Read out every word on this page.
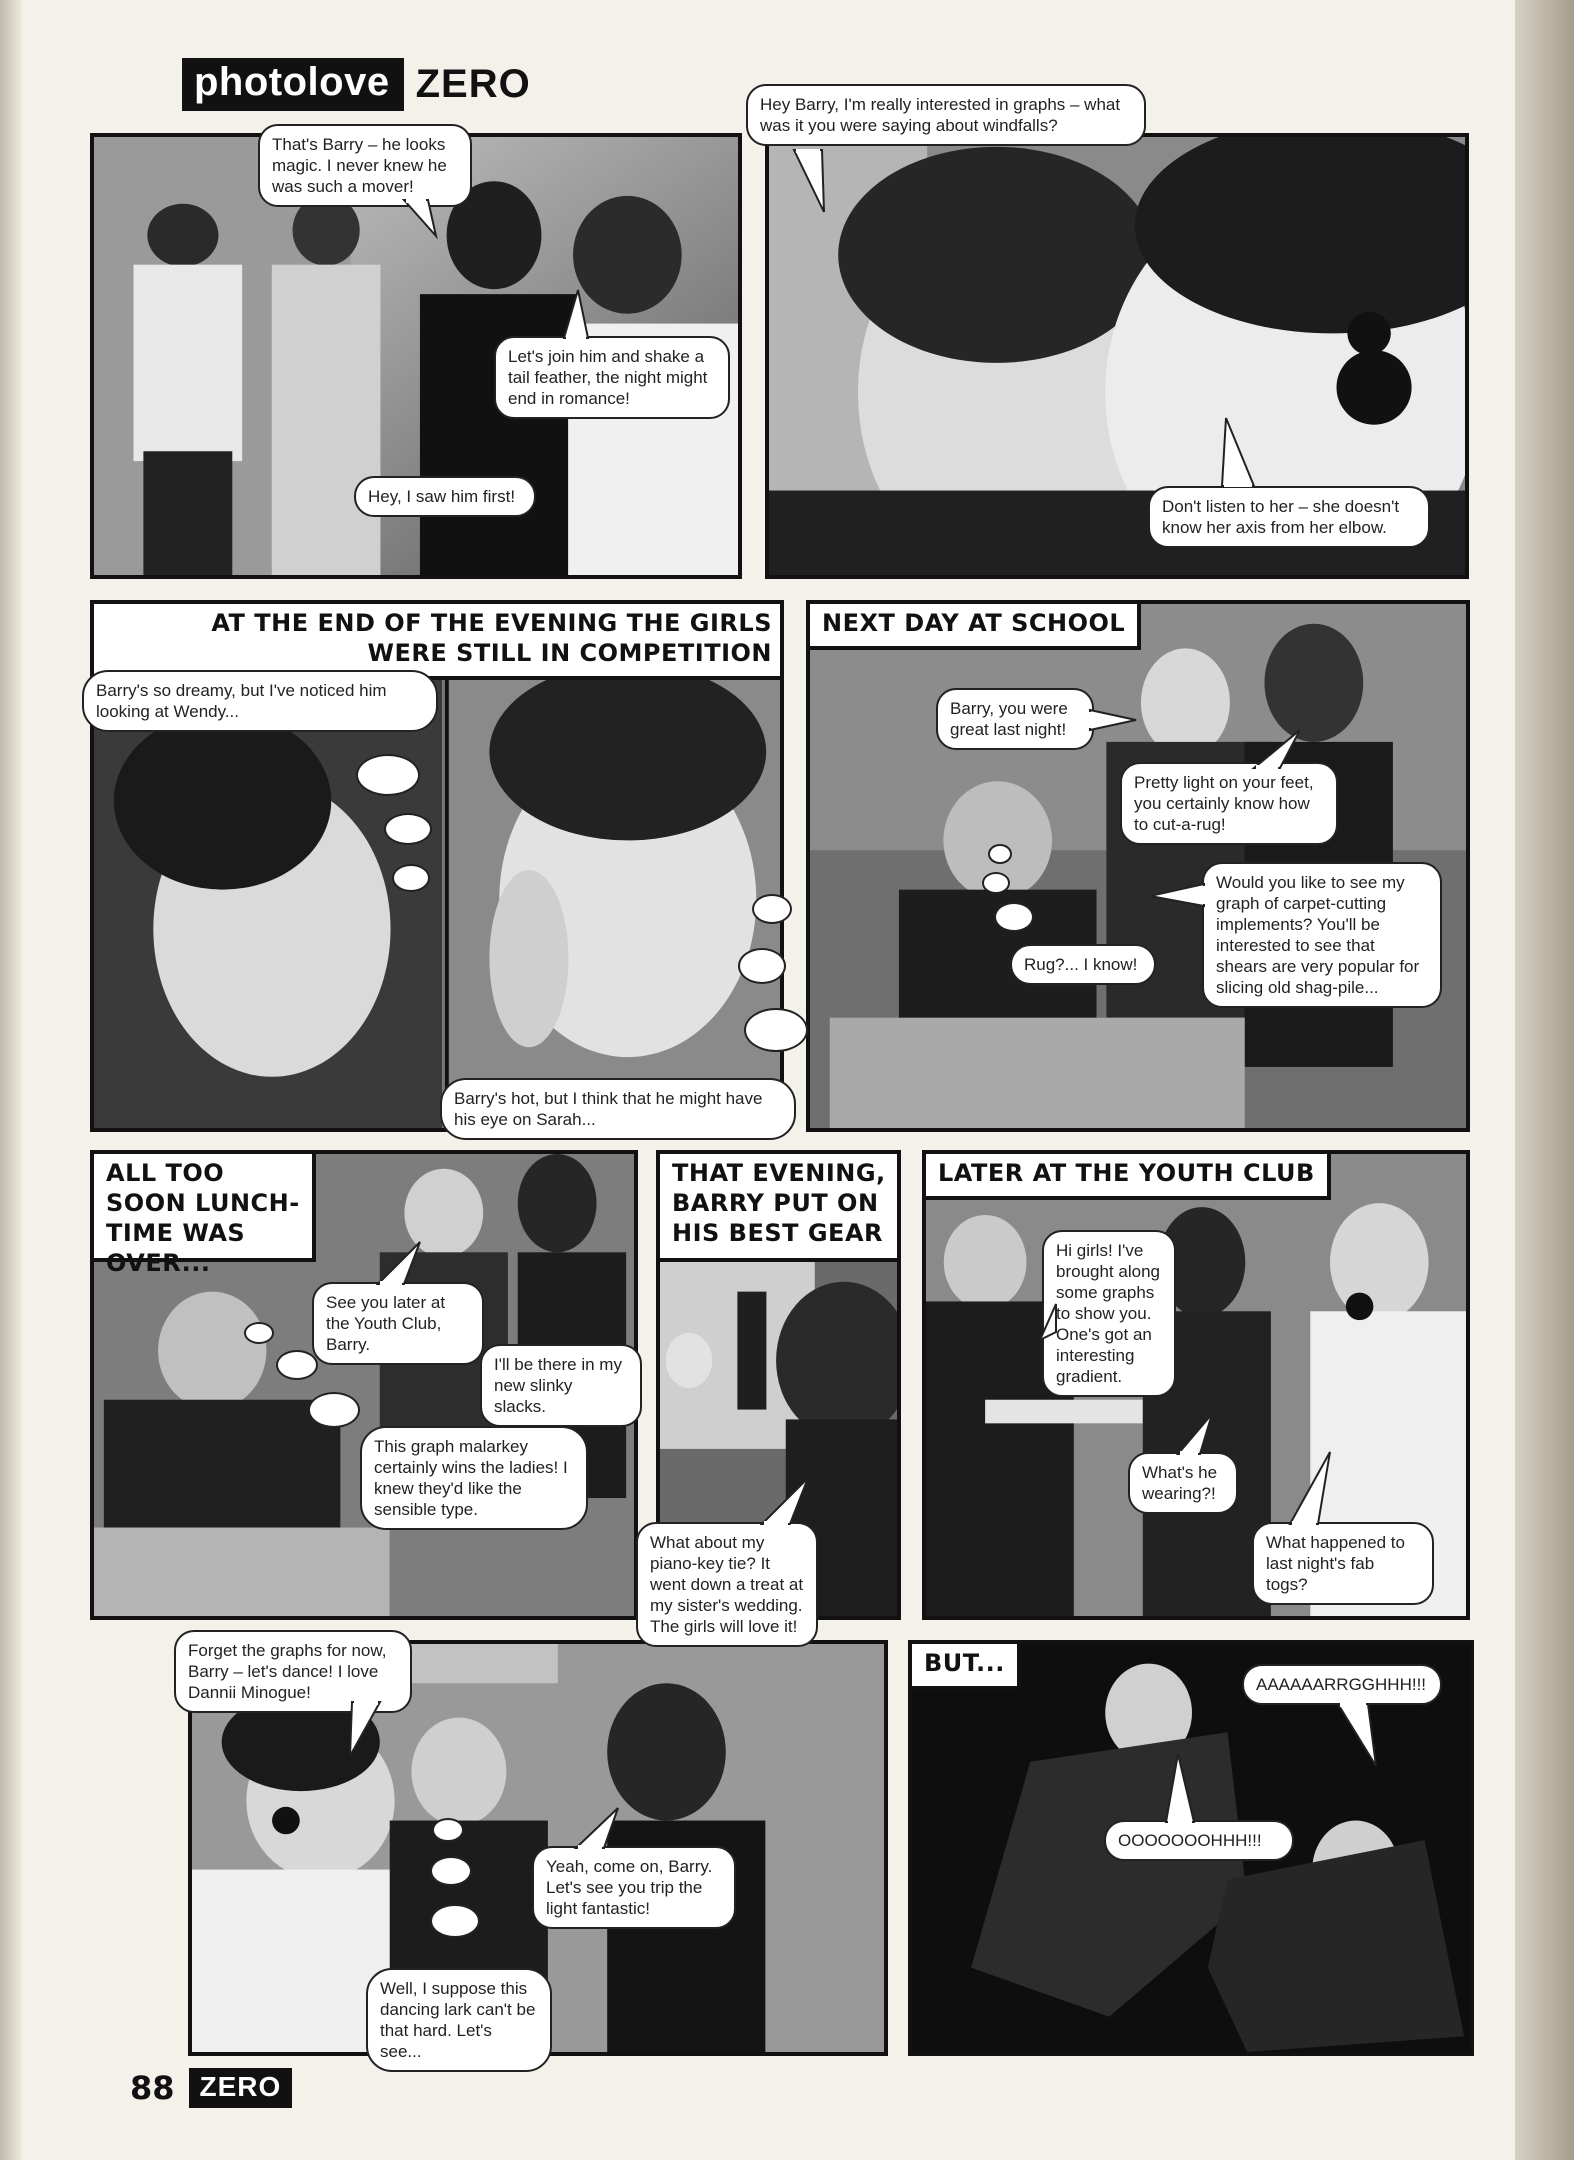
photolove ZERO
That's Barry – he looks magic. I never knew he was such a mover!
Let's join him and shake a tail feather, the night might end in romance!
Hey, I saw him first!
Hey Barry, I'm really interested in graphs – what was it you were saying about windfalls?
Don't listen to her – she doesn't know her axis from her elbow.
AT THE END OF THE EVENING THE GIRLS WERE STILL IN COMPETITION
Barry's so dreamy, but I've noticed him looking at Wendy...
Barry's hot, but I think that he might have his eye on Sarah...
NEXT DAY AT SCHOOL
Barry, you were great last night!
Pretty light on your feet, you certainly know how to cut-a-rug!
Would you like to see my graph of carpet-cutting implements? You'll be interested to see that shears are very popular for slicing old shag-pile...
Rug?... I know!
ALL TOO SOON LUNCH-TIME WAS OVER...
See you later at the Youth Club, Barry.
I'll be there in my new slinky slacks.
This graph malarkey certainly wins the ladies! I knew they'd like the sensible type.
THAT EVENING, BARRY PUT ON HIS BEST GEAR
What about my piano-key tie? It went down a treat at my sister's wedding. The girls will love it!
LATER AT THE YOUTH CLUB
Hi girls! I've brought along some graphs to show you. One's got an interesting gradient.
What's he wearing?!
What happened to last night's fab togs?
Forget the graphs for now, Barry – let's dance! I love Dannii Minogue!
Yeah, come on, Barry. Let's see you trip the light fantastic!
Well, I suppose this dancing lark can't be that hard. Let's see...
BUT...
AAAAAARRGGHHH!!!
OOOOOOOHHH!!!
88 ZERO
